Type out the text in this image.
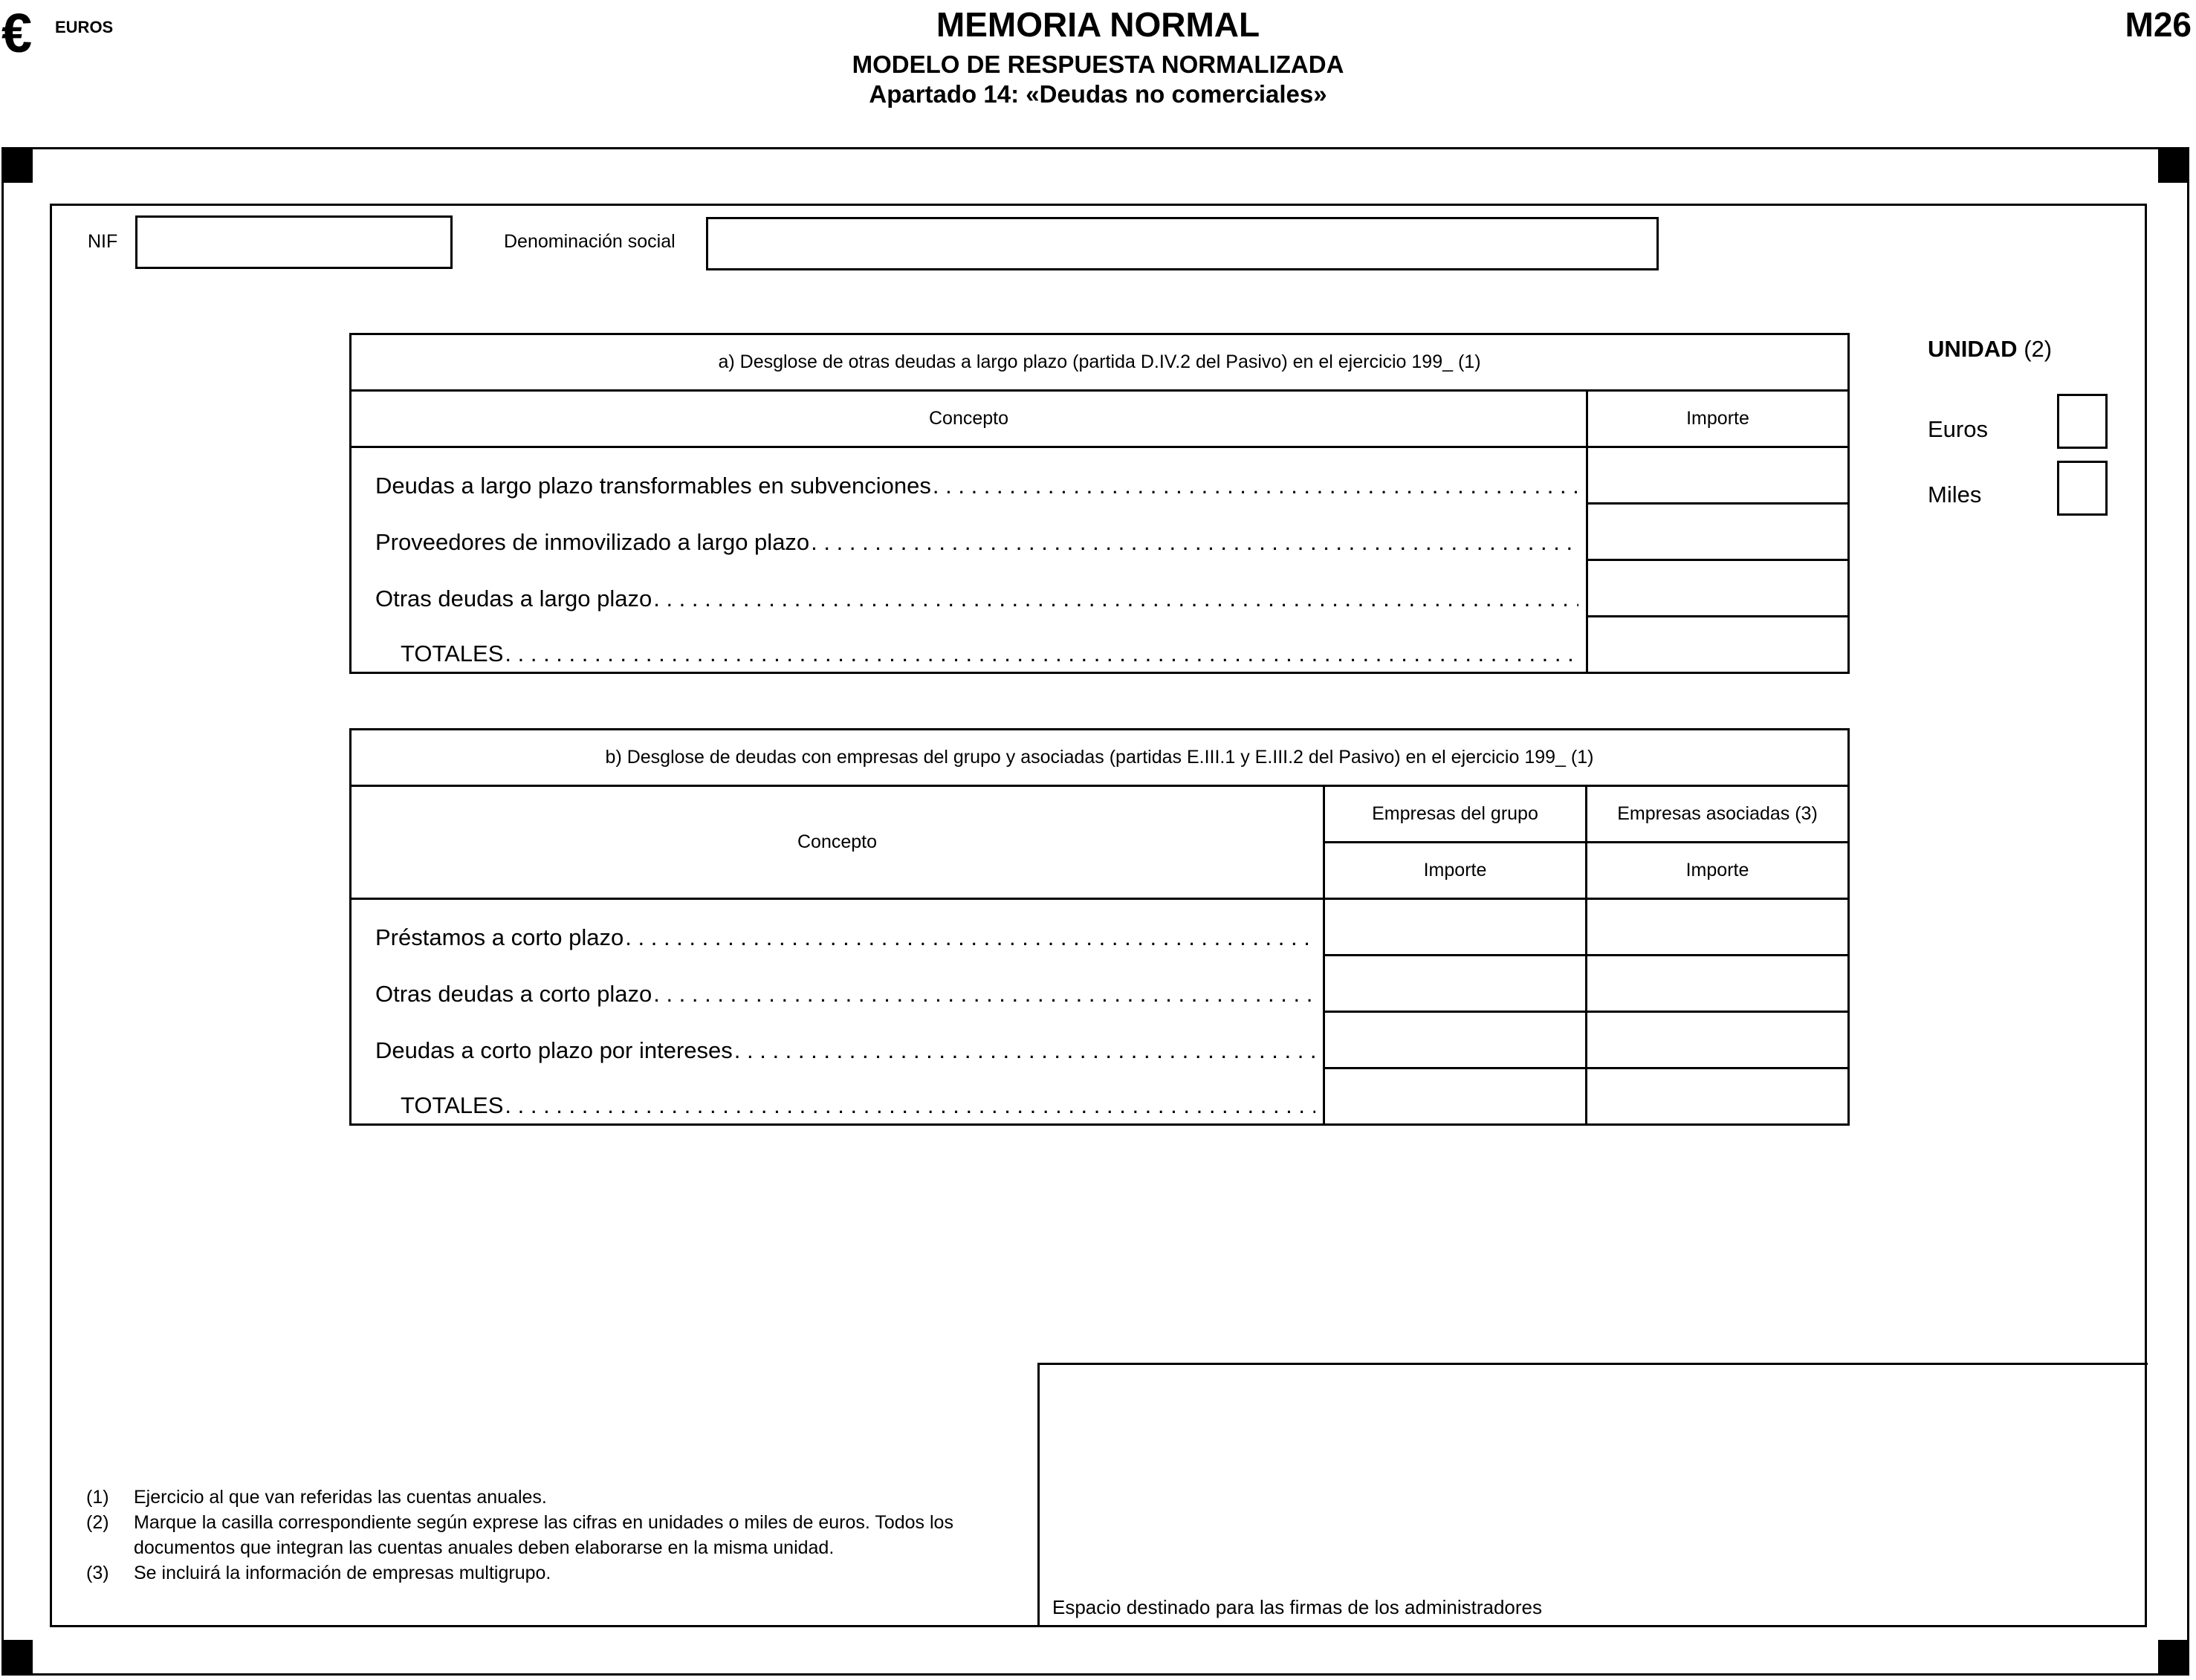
€ EUROS	MEMORIA NORMAL
MODELO DE RESPUESTA NORMALIZADA
Apartado 14: «Deudas no comerciales»
M26
NIF	Denominación social
UNIDAD (2)
Euros
Miles
a) Desglose de otras deudas a largo plazo (partida D.IV.2 del Pasivo) en el ejercicio 199_ (1)	
Concepto	Importe

Deudas a largo plazo transformables en subvenciones
. . .

Proveedores de inmovilizado a largo plazo
. . .

Otras deudas a largo plazo
. . .

TOTALES
. . .

b) Desglose de deudas con empresas del grupo y asociadas (partidas E.III.1 y E.III.2 del Pasivo) en el ejercicio 199_ (1)		
Concepto	Empresas del grupo	Empresas asociadas (3)
	Importe	Importe

Préstamos a corto plazo
. . .

Otras deudas a corto plazo
. . .

Deudas a corto plazo por intereses
. . .

TOTALES
. . .

(1)	Ejercicio al que van referidas las cuentas anuales.
(2)	Marque la casilla correspondiente según exprese las cifras en unidades o miles de euros. Todos los documentos que integran las cuentas anuales deben elaborarse en la misma unidad.
(3)	Se incluirá la información de empresas multigrupo.
Espacio destinado para las firmas de los administradores
